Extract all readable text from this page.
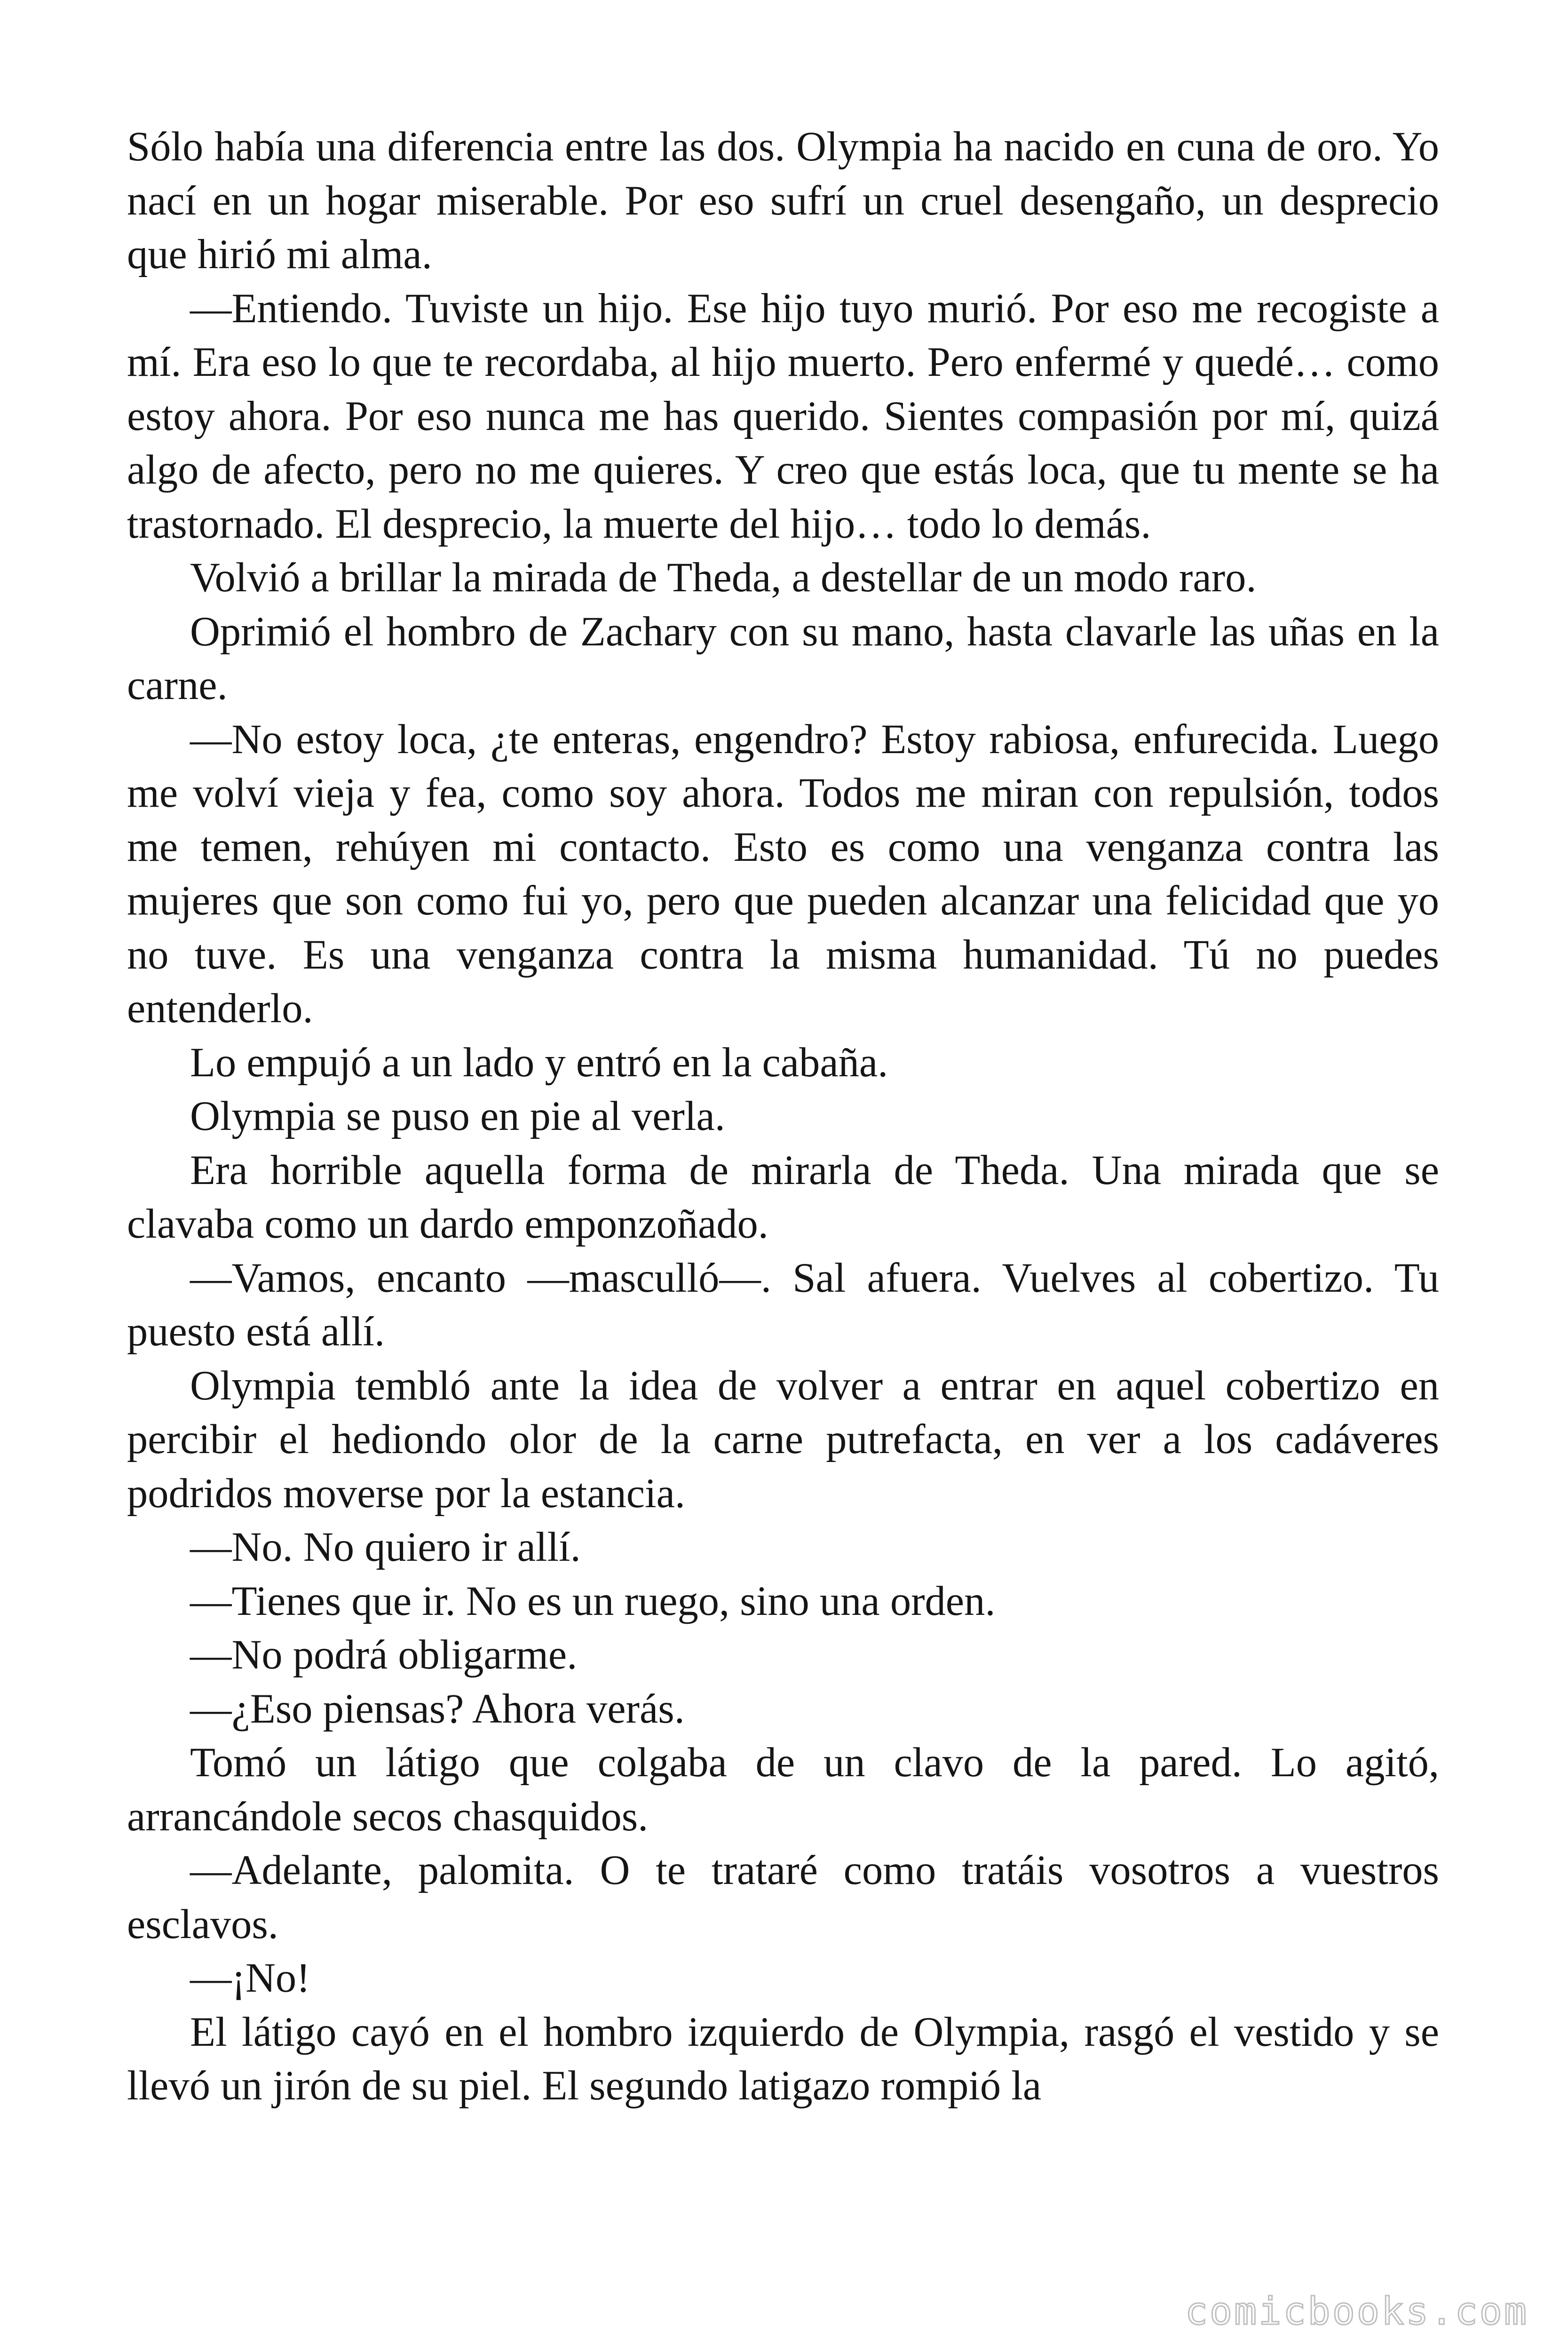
Sólo había una diferencia entre las dos. Olympia ha nacido en cuna de oro. Yo nací en un hogar miserable. Por eso sufrí un cruel desengaño, un desprecio que hirió mi alma.

—Entiendo. Tuviste un hijo. Ese hijo tuyo murió. Por eso me recogiste a mí. Era eso lo que te recordaba, al hijo muerto. Pero enfermé y quedé… como estoy ahora. Por eso nunca me has querido. Sientes compasión por mí, quizá algo de afecto, pero no me quieres. Y creo que estás loca, que tu mente se ha trastornado. El desprecio, la muerte del hijo… todo lo demás.

Volvió a brillar la mirada de Theda, a destellar de un modo raro.

Oprimió el hombro de Zachary con su mano, hasta clavarle las uñas en la carne.

—No estoy loca, ¿te enteras, engendro? Estoy rabiosa, enfurecida. Luego me volví vieja y fea, como soy ahora. Todos me miran con repulsión, todos me temen, rehúyen mi contacto. Esto es como una venganza contra las mujeres que son como fui yo, pero que pueden alcanzar una felicidad que yo no tuve. Es una venganza contra la misma humanidad. Tú no puedes entenderlo.

Lo empujó a un lado y entró en la cabaña.

Olympia se puso en pie al verla.

Era horrible aquella forma de mirarla de Theda. Una mirada que se clavaba como un dardo emponzoñado.

—Vamos, encanto —masculló—. Sal afuera. Vuelves al cobertizo. Tu puesto está allí.

Olympia tembló ante la idea de volver a entrar en aquel cobertizo en percibir el hediondo olor de la carne putrefacta, en ver a los cadáveres podridos moverse por la estancia.

—No. No quiero ir allí.

—Tienes que ir. No es un ruego, sino una orden.

—No podrá obligarme.

—¿Eso piensas? Ahora verás.

Tomó un látigo que colgaba de un clavo de la pared. Lo agitó, arrancándole secos chasquidos.

—Adelante, palomita. O te trataré como tratáis vosotros a vuestros esclavos.

—¡No!

El látigo cayó en el hombro izquierdo de Olympia, rasgó el vestido y se llevó un jirón de su piel. El segundo latigazo rompió la

comicbooks.com
